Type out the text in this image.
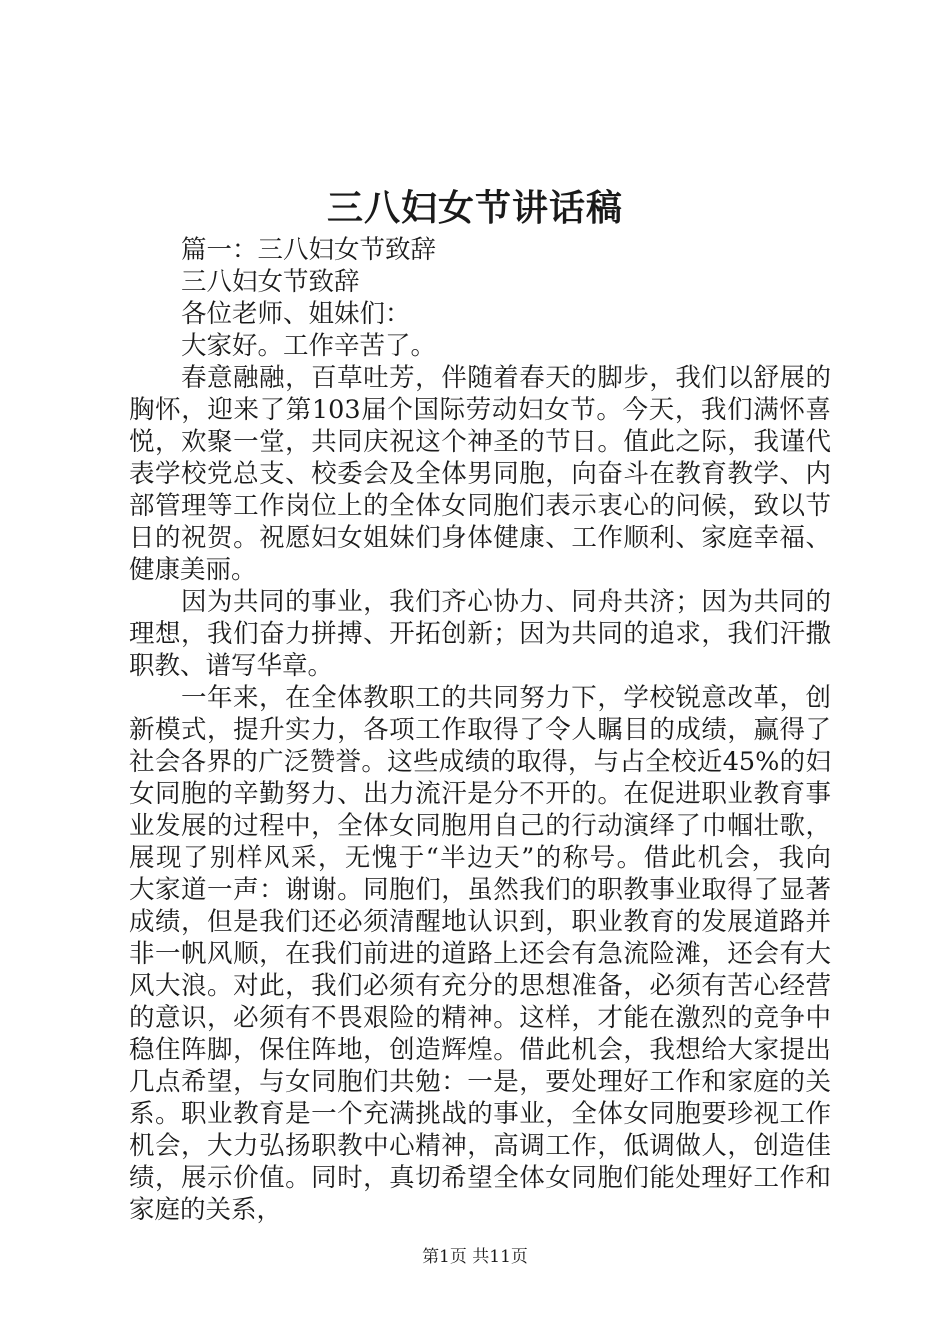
三八妇女节讲话稿

篇一：三八妇女节致辞

三八妇女节致辞

各位老师、姐妹们：

大家好。工作辛苦了。

春意融融，百草吐芳，伴随着春天的脚步，我们以舒展的

胸怀，迎来了第103届个国际劳动妇女节。今天，我们满怀喜

悦，欢聚一堂，共同庆祝这个神圣的节日。值此之际，我谨代

表学校党总支、校委会及全体男同胞，向奋斗在教育教学、内

部管理等工作岗位上的全体女同胞们表示衷心的问候，致以节

日的祝贺。祝愿妇女姐妹们身体健康、工作顺利、家庭幸福、

健康美丽。

因为共同的事业，我们齐心协力、同舟共济；因为共同的

理想，我们奋力拼搏、开拓创新；因为共同的追求，我们汗撒

职教、谱写华章。

一年来，在全体教职工的共同努力下，学校锐意改革，创

新模式，提升实力，各项工作取得了令人瞩目的成绩，赢得了

社会各界的广泛赞誉。这些成绩的取得，与占全校近45%的妇

女同胞的辛勤努力、出力流汗是分不开的。在促进职业教育事

业发展的过程中，全体女同胞用自己的行动演绎了巾帼壮歌，

展现了别样风采，无愧于“半边天”的称号。借此机会，我向

大家道一声：谢谢。同胞们，虽然我们的职教事业取得了显著

成绩，但是我们还必须清醒地认识到，职业教育的发展道路并

非一帆风顺，在我们前进的道路上还会有急流险滩，还会有大

风大浪。对此，我们必须有充分的思想准备，必须有苦心经营

的意识，必须有不畏艰险的精神。这样，才能在激烈的竞争中

稳住阵脚，保住阵地，创造辉煌。借此机会，我想给大家提出

几点希望，与女同胞们共勉：一是，要处理好工作和家庭的关

系。职业教育是一个充满挑战的事业，全体女同胞要珍视工作

机会，大力弘扬职教中心精神，高调工作，低调做人，创造佳

绩，展示价值。同时，真切希望全体女同胞们能处理好工作和

家庭的关系，

第1页 共11页
